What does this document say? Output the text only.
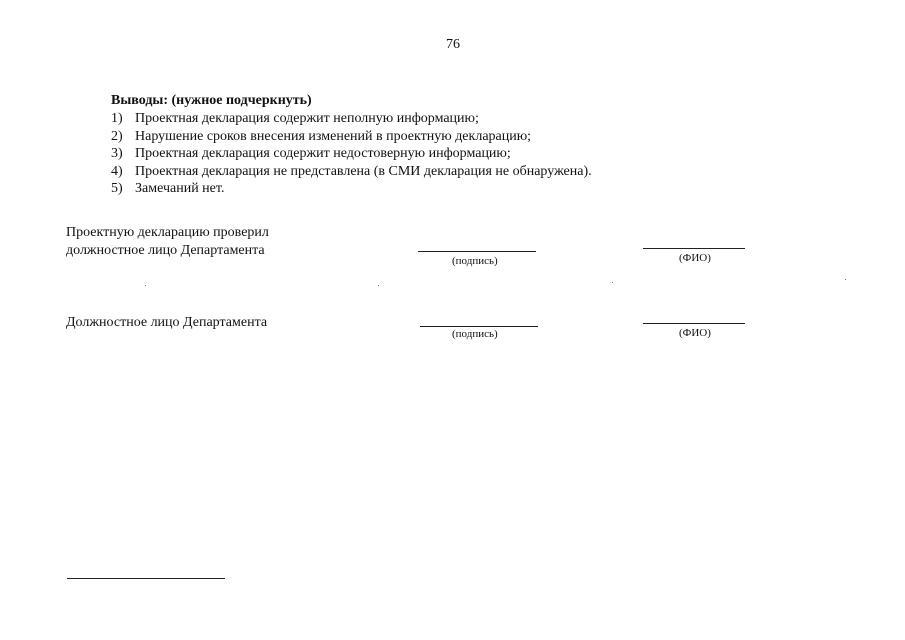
76
Выводы: (нужное подчеркнуть)
1) Проектная декларация содержит неполную информацию;
2) Нарушение сроков внесения изменений в проектную декларацию;
3) Проектная декларация содержит недостоверную информацию;
4) Проектная декларация не представлена (в СМИ декларация не обнаружена).
5) Замечаний нет.
Проектную декларацию проверил
должностное лицо Департамента
(подпись)	(ФИО)
Должностное лицо Департамента
(подпись)	(ФИО)
